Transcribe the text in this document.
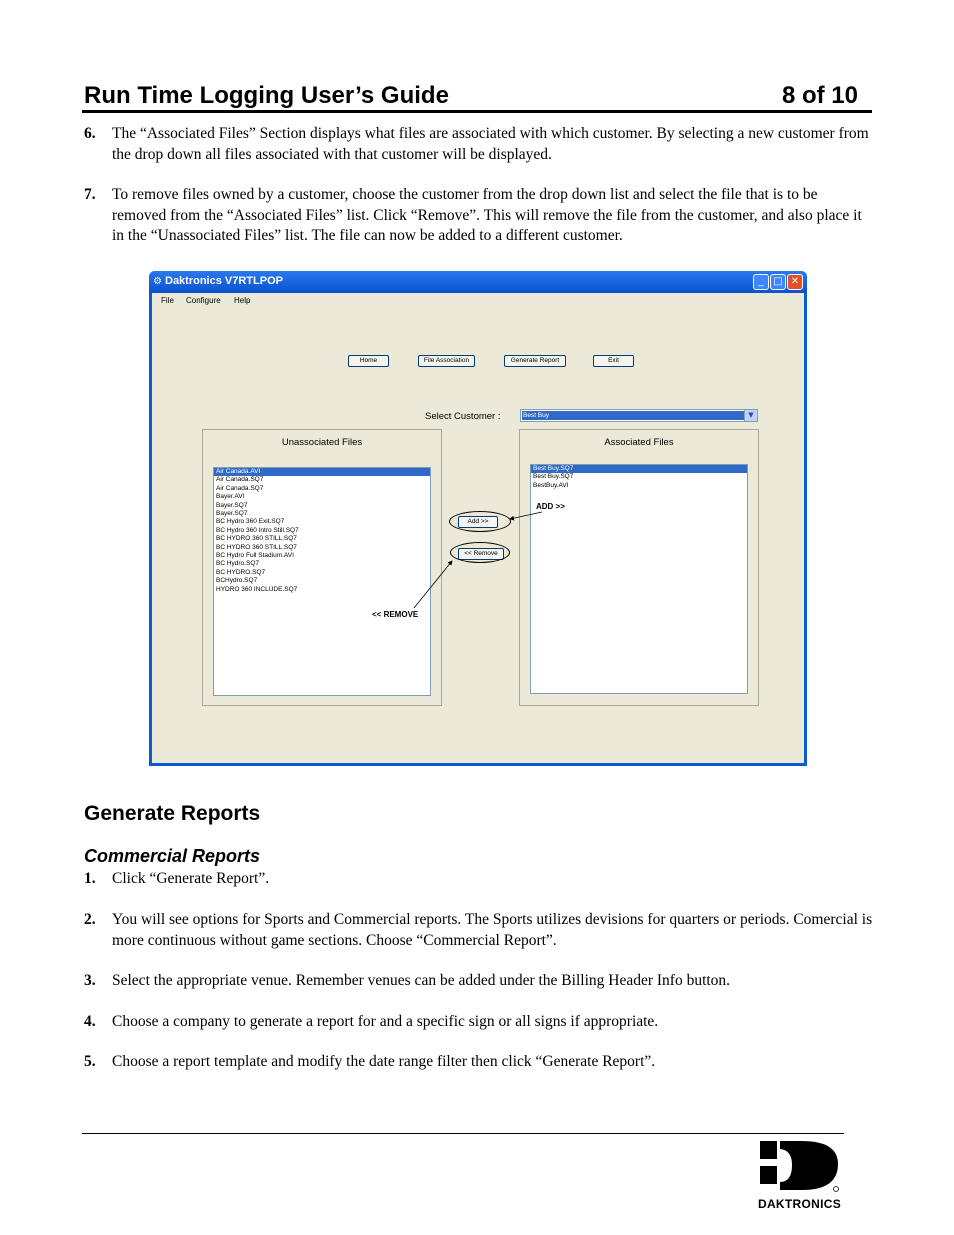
Run Time Logging User’s Guide	8 of 10
6. The “Associated Files” Section displays what files are associated with which customer. By selecting a new customer from the drop down all files associated with that customer will be displayed.
7. To remove files owned by a customer, choose the customer from the drop down list and select the file that is to be removed from the “Associated Files” list. Click “Remove”. This will remove the file from the customer, and also place it in the “Unassociated Files” list. The file can now be added to a different customer.
⚙ Daktronics V7RTLPOP	_ □ ✕
File Configure Help
Home	File Association	Generate Report	Exit
Select Customer :	Best Buy	▼
Unassociated Files
Air Canada.AVI
Air Canada.SQ7
Air Canada.SQ7
Bayer.AVI
Bayer.SQ7
Bayer.SQ7
BC Hydro 360 Exit.SQ7
BC Hydro 360 Intro Still.SQ7
BC HYDRO 360 STILL.SQ7
BC HYDRO 360 STILL.SQ7
BC Hydro Full Stadium.AVI
BC Hydro.SQ7
BC HYDRO.SQ7
BCHydro.SQ7
HYDRO 360 INCLUDE.SQ7
Associated Files
Best Buy.SQ7
Best Buy.SQ7
BestBuy.AVI
Add >>
<< Remove
ADD >>
<< REMOVE
Generate Reports
Commercial Reports
1. Click “Generate Report”.
2. You will see options for Sports and Commercial reports. The Sports utilizes devisions for quarters or periods. Comercial is more continuous without game sections. Choose “Commercial Report”.
3. Select the appropriate venue. Remember venues can be added under the Billing Header Info button.
4. Choose a company to generate a report for and a specific sign or all signs if appropriate.
5. Choose a report template and modify the date range filter then click “Generate Report”.
DAKTRONICS
